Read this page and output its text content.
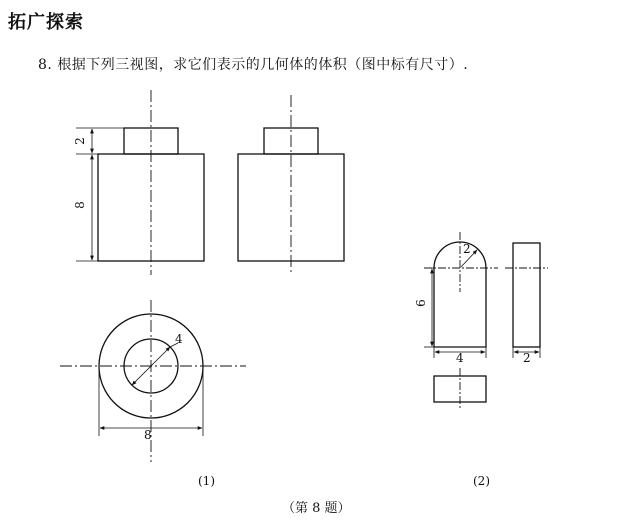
拓广探索
8. 根据下列三视图，求它们表示的几何体的体积（图中标有尺寸）.
2
8
4
8
(1)
2
6
4	2
(2)
（第 8 题）
